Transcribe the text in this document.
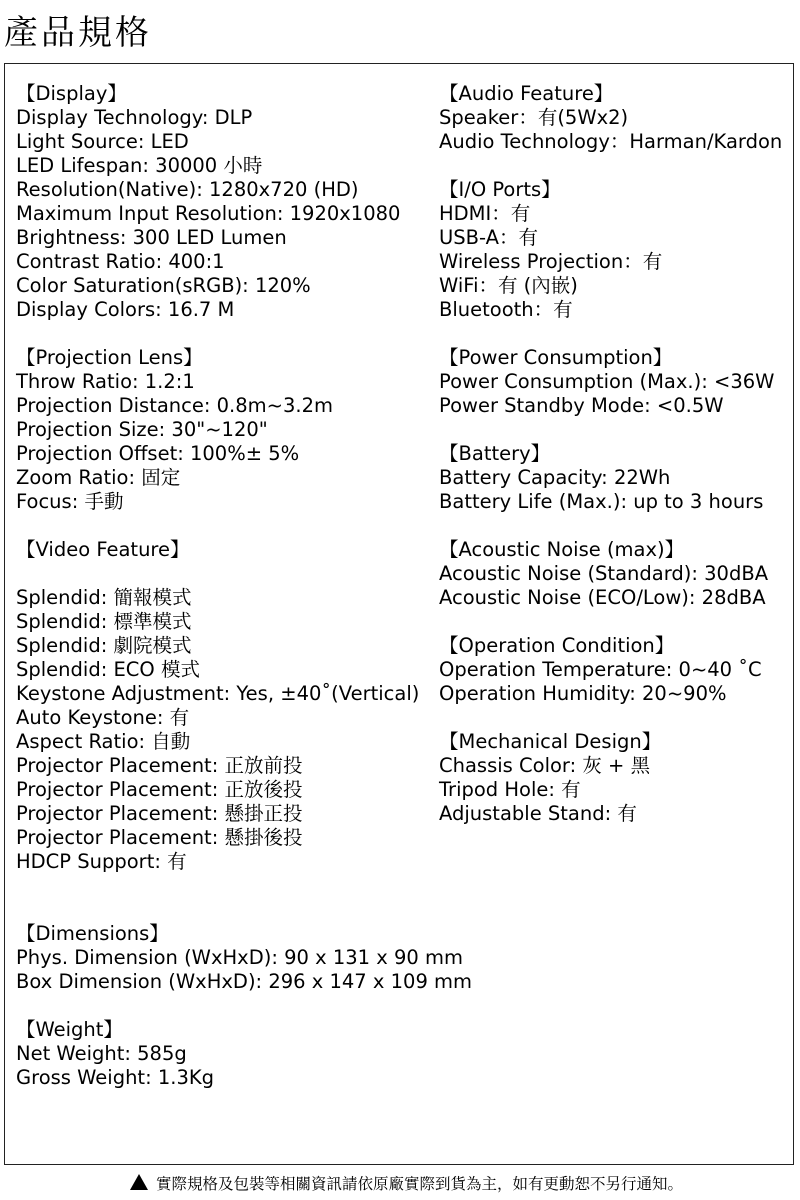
產品規格
【Display】
Display Technology: DLP
Light Source: LED
LED Lifespan: 30000 小時
Resolution(Native): 1280x720 (HD)
Maximum Input Resolution: 1920x1080
Brightness: 300 LED Lumen
Contrast Ratio: 400:1
Color Saturation(sRGB): 120%
Display Colors: 16.7 M
【Projection Lens】
Throw Ratio: 1.2:1
Projection Distance: 0.8m~3.2m
Projection Size: 30"~120"
Projection Offset: 100%± 5%
Zoom Ratio: 固定
Focus: 手動
【Video Feature】
Splendid: 簡報模式
Splendid: 標準模式
Splendid: 劇院模式
Splendid: ECO 模式
Keystone Adjustment: Yes, ±40˚(Vertical)
Auto Keystone: 有
Aspect Ratio: 自動
Projector Placement: 正放前投
Projector Placement: 正放後投
Projector Placement: 懸掛正投
Projector Placement: 懸掛後投
HDCP Support: 有
【Dimensions】
Phys. Dimension (WxHxD): 90 x 131 x 90 mm
Box Dimension (WxHxD): 296 x 147 x 109 mm
【Weight】
Net Weight: 585g
Gross Weight: 1.3Kg
【Audio Feature】
Speaker：有(5Wx2)
Audio Technology：Harman/Kardon
【I/O Ports】
HDMI：有
USB-A：有
Wireless Projection：有
WiFi：有 (內嵌)
Bluetooth：有
【Power Consumption】
Power Consumption (Max.): <36W
Power Standby Mode: <0.5W
【Battery】
Battery Capacity: 22Wh
Battery Life (Max.): up to 3 hours
【Acoustic Noise (max)】
Acoustic Noise (Standard): 30dBA
Acoustic Noise (ECO/Low): 28dBA
【Operation Condition】
Operation Temperature: 0~40 ˚C
Operation Humidity: 20~90%
【Mechanical Design】
Chassis Color: 灰 + 黑
Tripod Hole: 有
Adjustable Stand: 有
實際規格及包裝等相關資訊請依原廠實際到貨為主，如有更動恕不另行通知。
